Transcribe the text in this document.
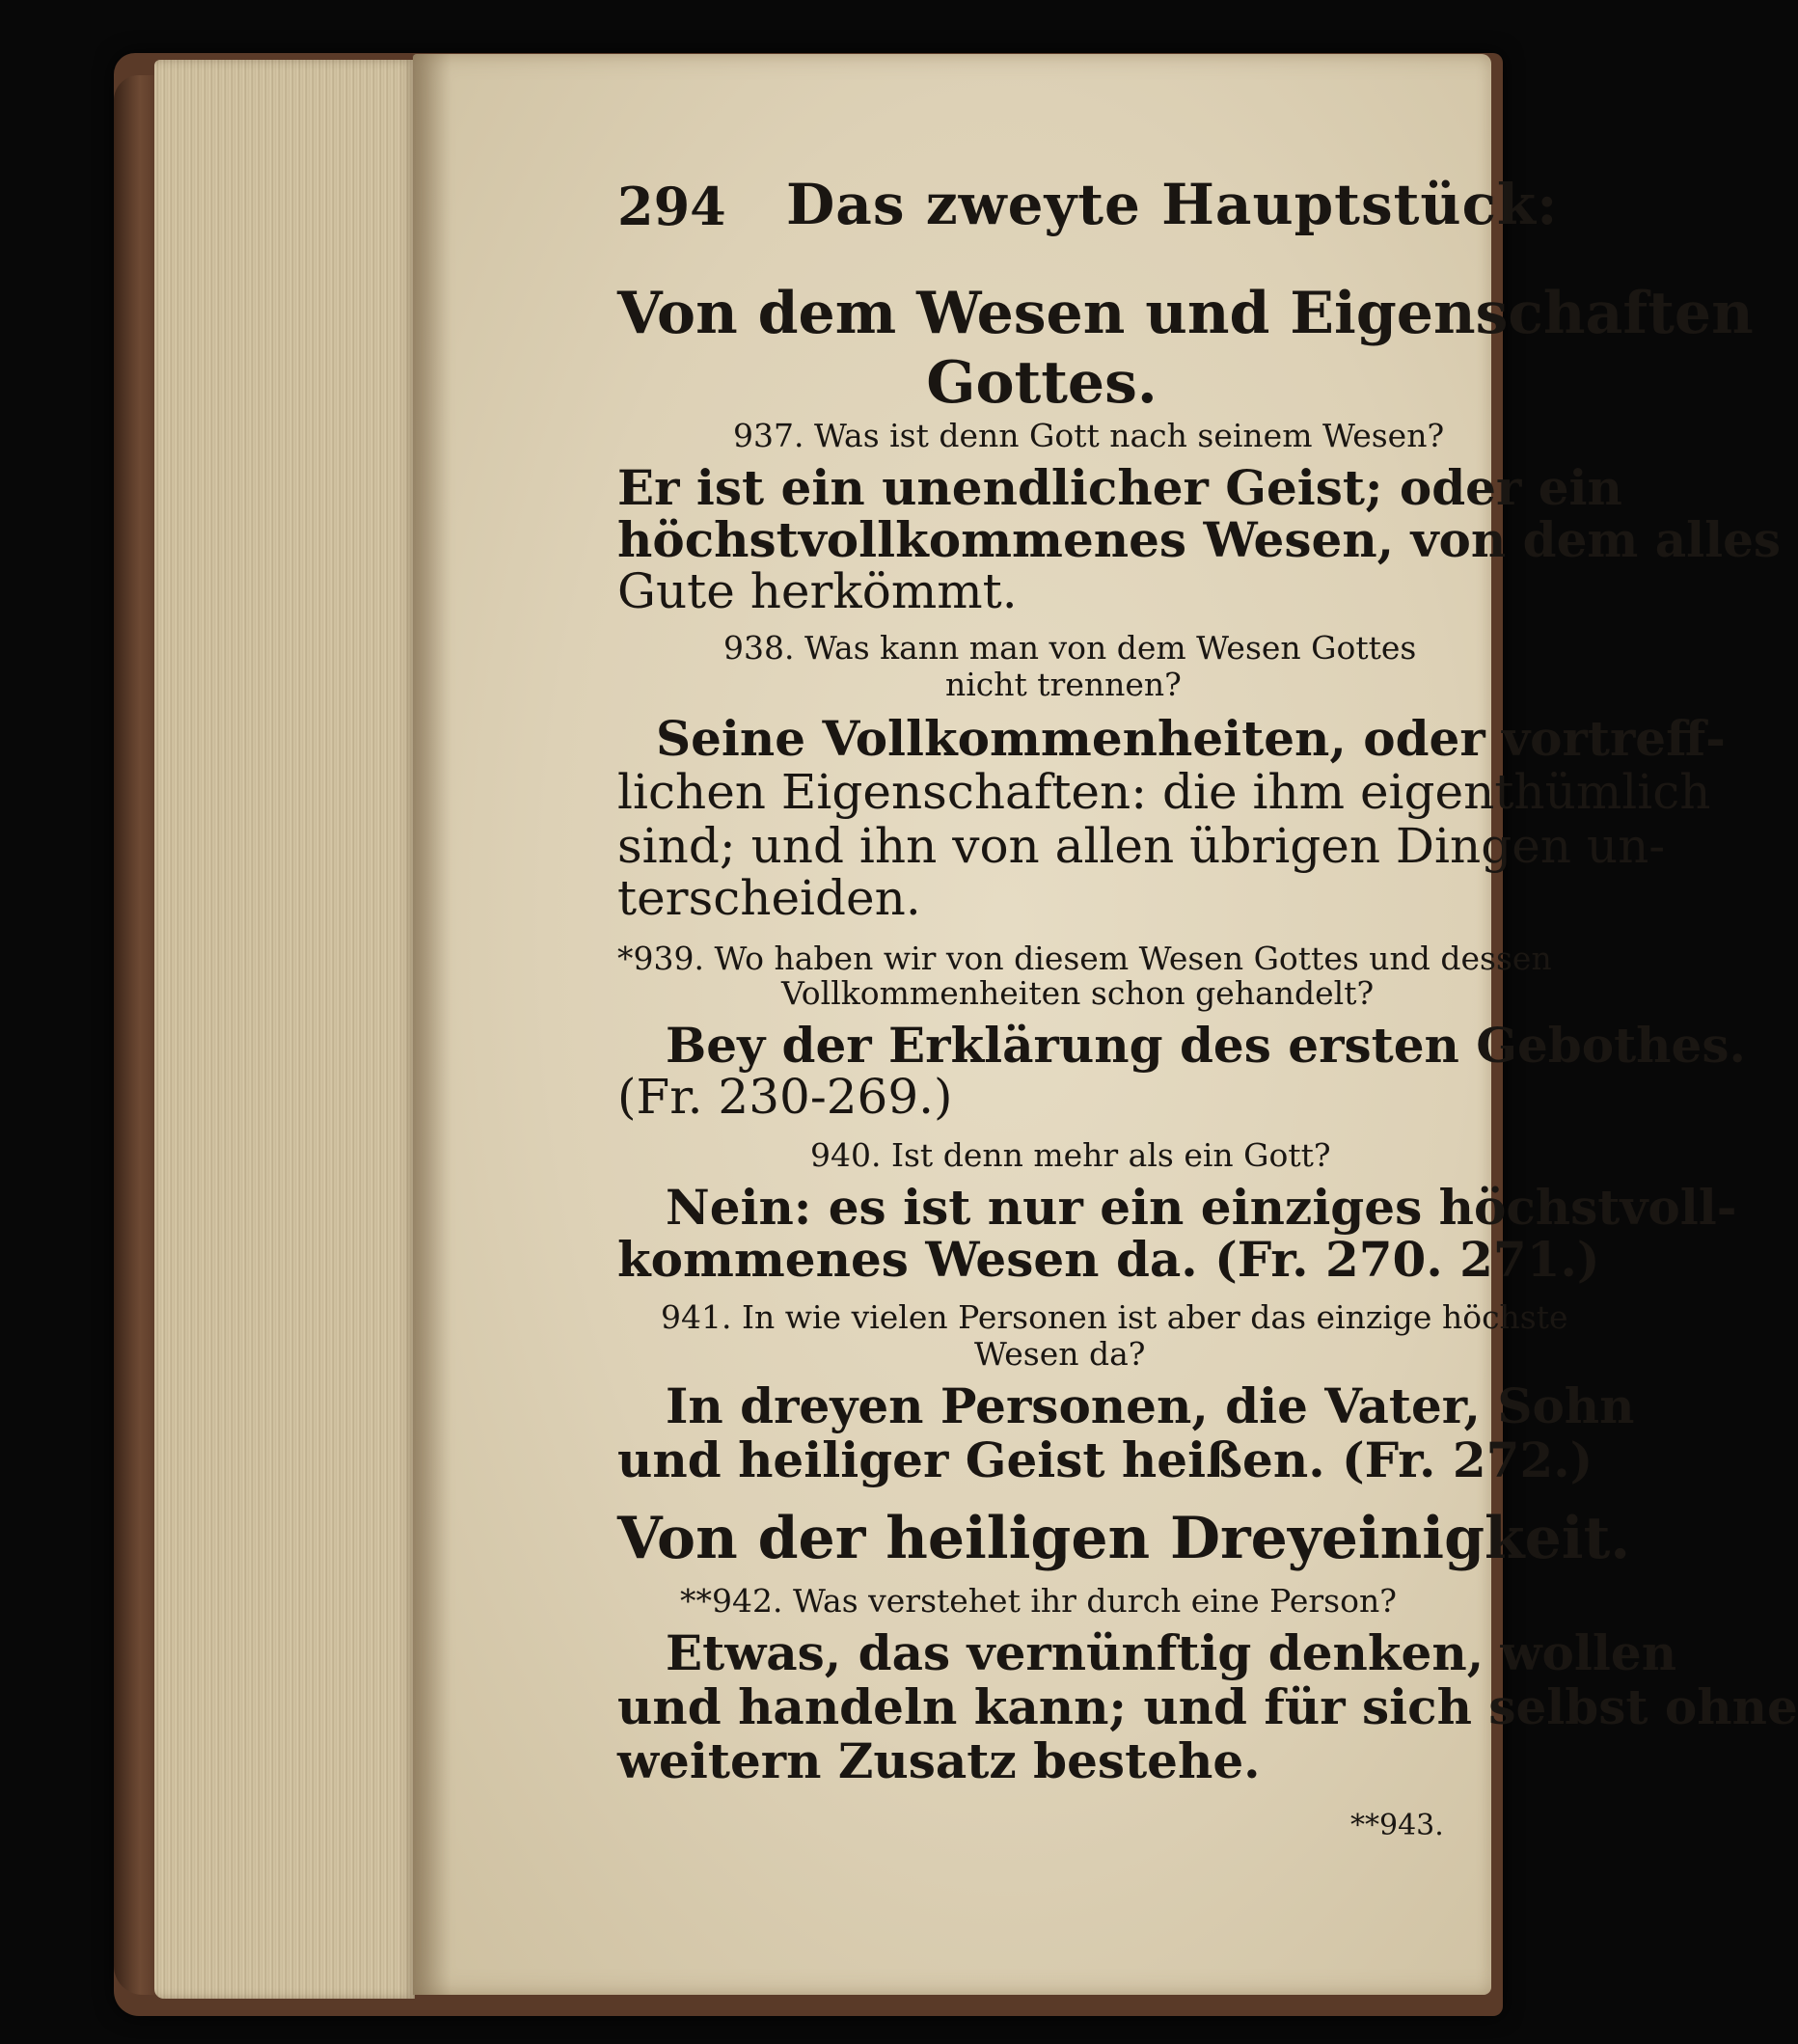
294 Das zweyte Hauptstück:
Von dem Wesen und Eigenschaften
Gottes.
937. Was ist denn Gott nach seinem Wesen?
Er ist ein unendlicher Geist; oder ein
höchstvollkommenes Wesen, von dem alles
Gute herkömmt.
938. Was kann man von dem Wesen Gottes
nicht trennen?
Seine Vollkommenheiten, oder vortreff-
lichen Eigenschaften: die ihm eigenthümlich
sind; und ihn von allen übrigen Dingen un-
terscheiden.
*939. Wo haben wir von diesem Wesen Gottes und dessen
Vollkommenheiten schon gehandelt?
Bey der Erklärung des ersten Gebothes.
(Fr. 230-269.)
940. Ist denn mehr als ein Gott?
Nein: es ist nur ein einziges höchstvoll-
kommenes Wesen da. (Fr. 270. 271.)
941. In wie vielen Personen ist aber das einzige höchste
Wesen da?
In dreyen Personen, die Vater, Sohn
und heiliger Geist heißen. (Fr. 272.)
Von der heiligen Dreyeinigkeit.
**942. Was verstehet ihr durch eine Person?
Etwas, das vernünftig denken, wollen
und handeln kann; und für sich selbst ohne
weitern Zusatz bestehe.
**943.
